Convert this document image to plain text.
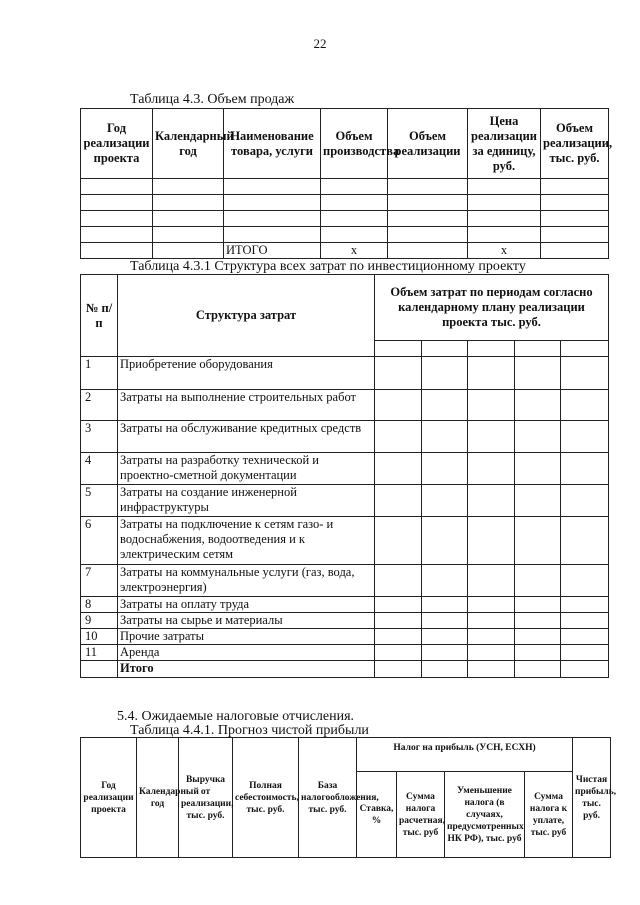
22
Таблица 4.3. Объем продаж
Год реализации проекта	Календарный год	Наименование товара, услуги	Объем производства	Объем реализации	Цена реализации за единицу, руб.	Объем реализации, тыс. руб.

		ИТОГО	x		x	
Таблица 4.3.1 Структура всех затрат по инвестиционному проекту
№ п/п	Структура затрат	Объем затрат по периодам согласно календарному плану реализации проекта тыс. руб.				

1	Приобретение оборудования					
2	Затраты на выполнение строительных работ					
3	Затраты на обслуживание кредитных средств					
4	Затраты на разработку технической и проектно-сметной документации					
5	Затраты на создание инженерной инфраструктуры					
6	Затраты на подключение к сетям газо- и водоснабжения, водоотведения и к электрическим сетям					
7	Затраты на коммунальные услуги (газ, вода, электроэнергия)					
8	Затраты на оплату труда					
9	Затраты на сырье и материалы					
10	Прочие затраты					
11	Аренда					
	Итого					
5.4. Ожидаемые налоговые отчисления.
Таблица 4.4.1. Прогноз чистой прибыли
Год реализации проекта	Календарный год	Выручка от реализации, тыс. руб.	Полная себестоимость, тыс. руб.	База налогообложения, тыс. руб.	Налог на прибыль (УСН, ЕСХН)				Чистая прибыль, тыс. руб.
					Ставка, %	Сумма налога расчетная, тыс. руб	Уменьшение налога (в случаях, предусмотренных НК РФ), тыс. руб	Сумма налога к уплате, тыс. руб	
